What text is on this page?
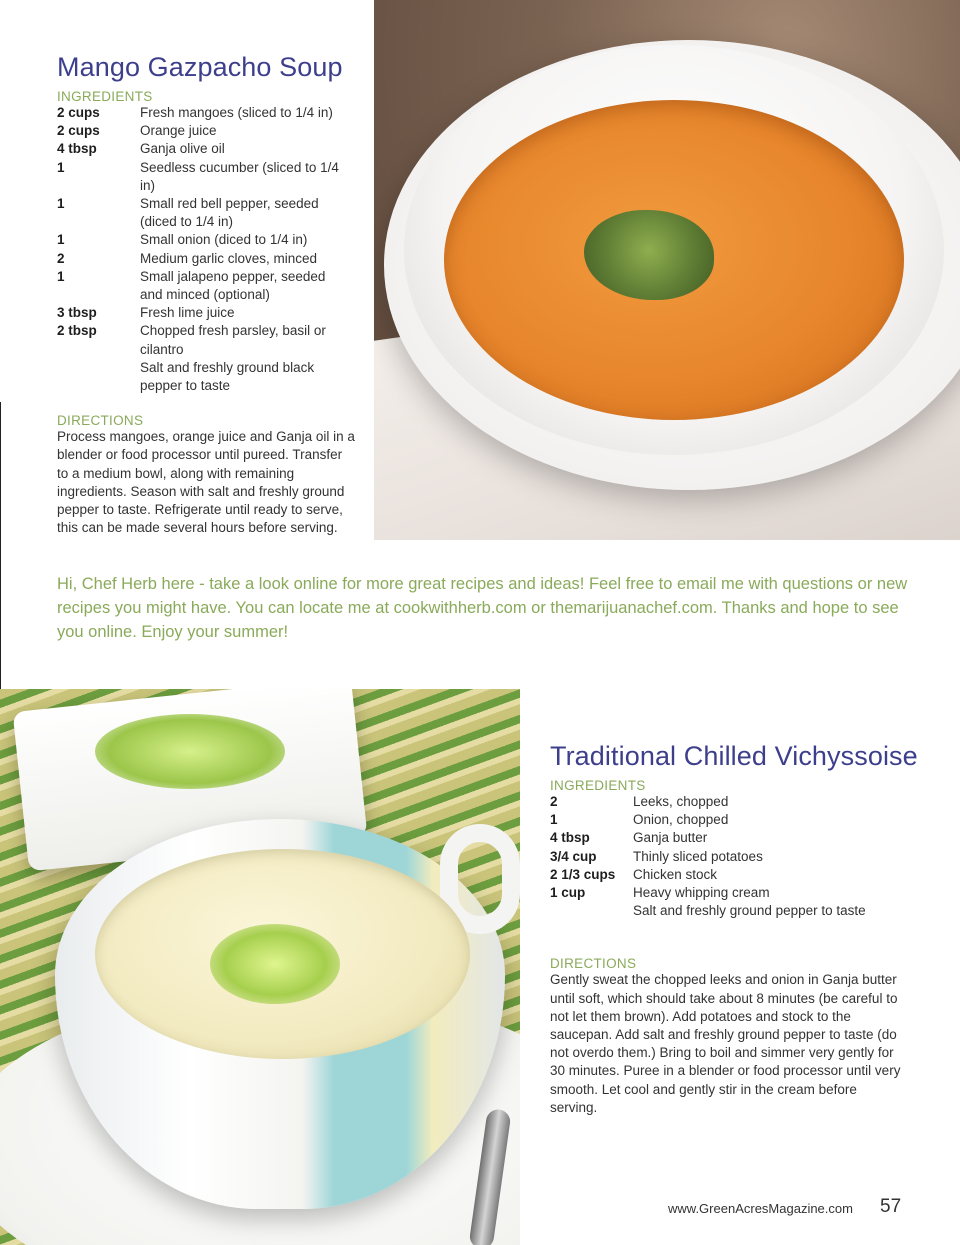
Mango Gazpacho Soup
INGREDIENTS
2 cups	Fresh mangoes (sliced to 1/4 in)
2 cups	Orange juice
4 tbsp	Ganja olive oil
1	Seedless cucumber (sliced to 1/4 in)
1	Small red bell pepper, seeded (diced to 1/4 in)
1	Small onion (diced to 1/4 in)
2	Medium garlic cloves, minced
1	Small jalapeno pepper, seeded and minced (optional)
3 tbsp	Fresh lime juice
2 tbsp	Chopped fresh parsley, basil or cilantro
	Salt and freshly ground black pepper to taste
DIRECTIONS
Process mangoes, orange juice and Ganja oil in a blender or food processor until pureed. Transfer to a medium bowl, along with remaining ingredients. Season with salt and freshly ground pepper to taste. Refrigerate until ready to serve, this can be made several hours before serving.
Hi, Chef Herb here - take a look online for more great recipes and ideas! Feel free to email me with questions or new recipes you might have. You can locate me at cookwithherb.com or themarijuanachef.com. Thanks and hope to see you online. Enjoy your summer!
Traditional Chilled Vichyssoise
INGREDIENTS
2	Leeks, chopped
1	Onion, chopped
4 tbsp	Ganja butter
3/4 cup	Thinly sliced potatoes
2 1/3 cups	Chicken stock
1 cup	Heavy whipping cream
	Salt and freshly ground pepper to taste
DIRECTIONS
Gently sweat the chopped leeks and onion in Ganja butter until soft, which should take about 8 minutes (be careful to not let them brown). Add potatoes and stock to the saucepan. Add salt and freshly ground pepper to taste (do not overdo them.) Bring to boil and simmer very gently for 30 minutes. Puree in a blender or food processor until very smooth. Let cool and gently stir in the cream before serving.
www.GreenAcresMagazine.com 57
